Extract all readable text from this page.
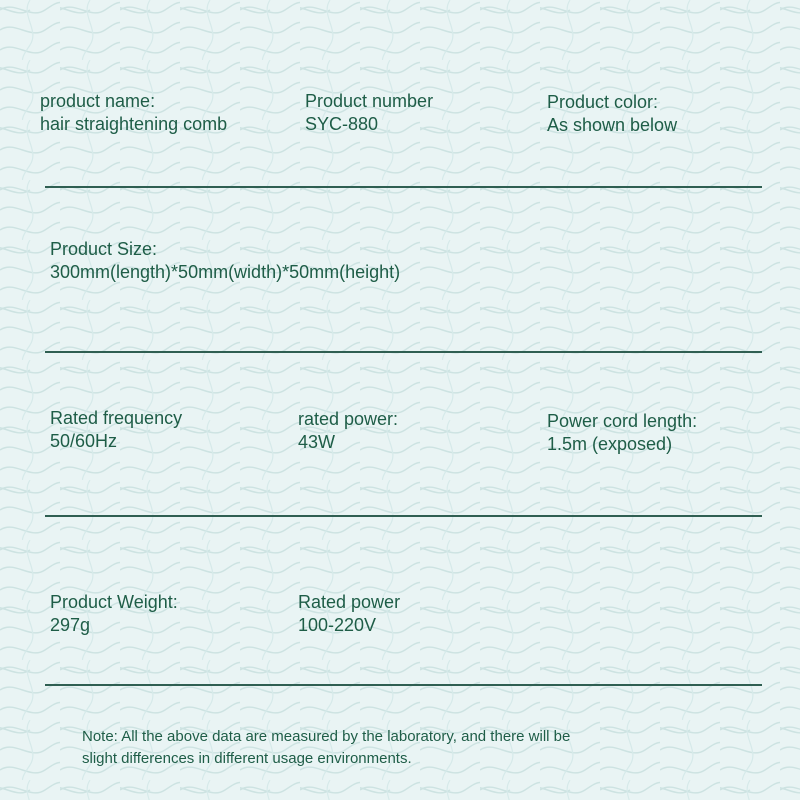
product name:
hair straightening comb
Product number
SYC-880
Product color:
As shown below
Product Size:
300mm(length)*50mm(width)*50mm(height)
Rated frequency
50/60Hz
rated power:
43W
Power cord length:
1.5m (exposed)
Product Weight:
297g
Rated power
100-220V
Note: All the above data are measured by the laboratory, and there will be
slight differences in different usage environments.
